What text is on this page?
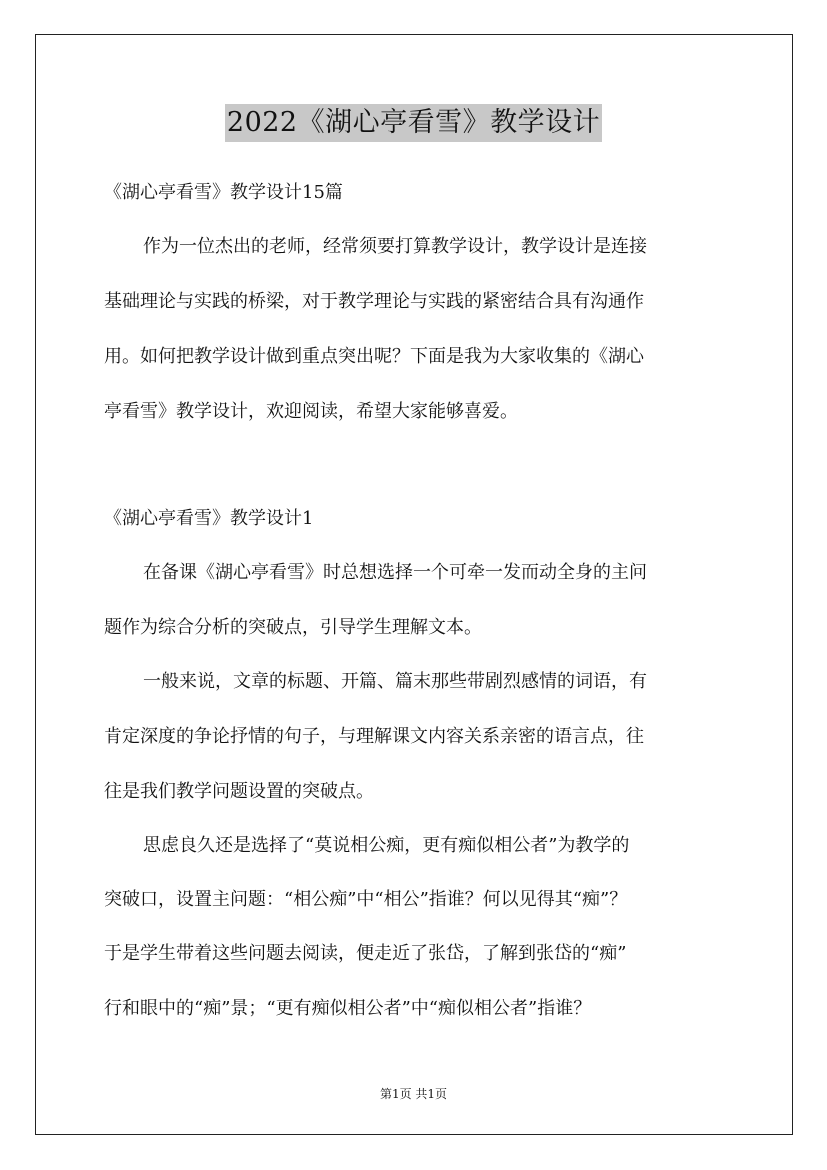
2022《湖心亭看雪》教学设计
《湖心亭看雪》教学设计15篇
作为一位杰出的老师，经常须要打算教学设计，教学设计是连接
基础理论与实践的桥梁，对于教学理论与实践的紧密结合具有沟通作
用。如何把教学设计做到重点突出呢？下面是我为大家收集的《湖心
亭看雪》教学设计，欢迎阅读，希望大家能够喜爱。
《湖心亭看雪》教学设计1
在备课《湖心亭看雪》时总想选择一个可牵一发而动全身的主问
题作为综合分析的突破点，引导学生理解文本。
一般来说，文章的标题、开篇、篇末那些带剧烈感情的词语，有
肯定深度的争论抒情的句子，与理解课文内容关系亲密的语言点，往
往是我们教学问题设置的突破点。
思虑良久还是选择了“莫说相公痴，更有痴似相公者”为教学的
突破口，设置主问题：“相公痴”中“相公”指谁？何以见得其“痴”？
于是学生带着这些问题去阅读，便走近了张岱，了解到张岱的“痴”
行和眼中的“痴”景；“更有痴似相公者”中“痴似相公者”指谁？
第1页 共1页
